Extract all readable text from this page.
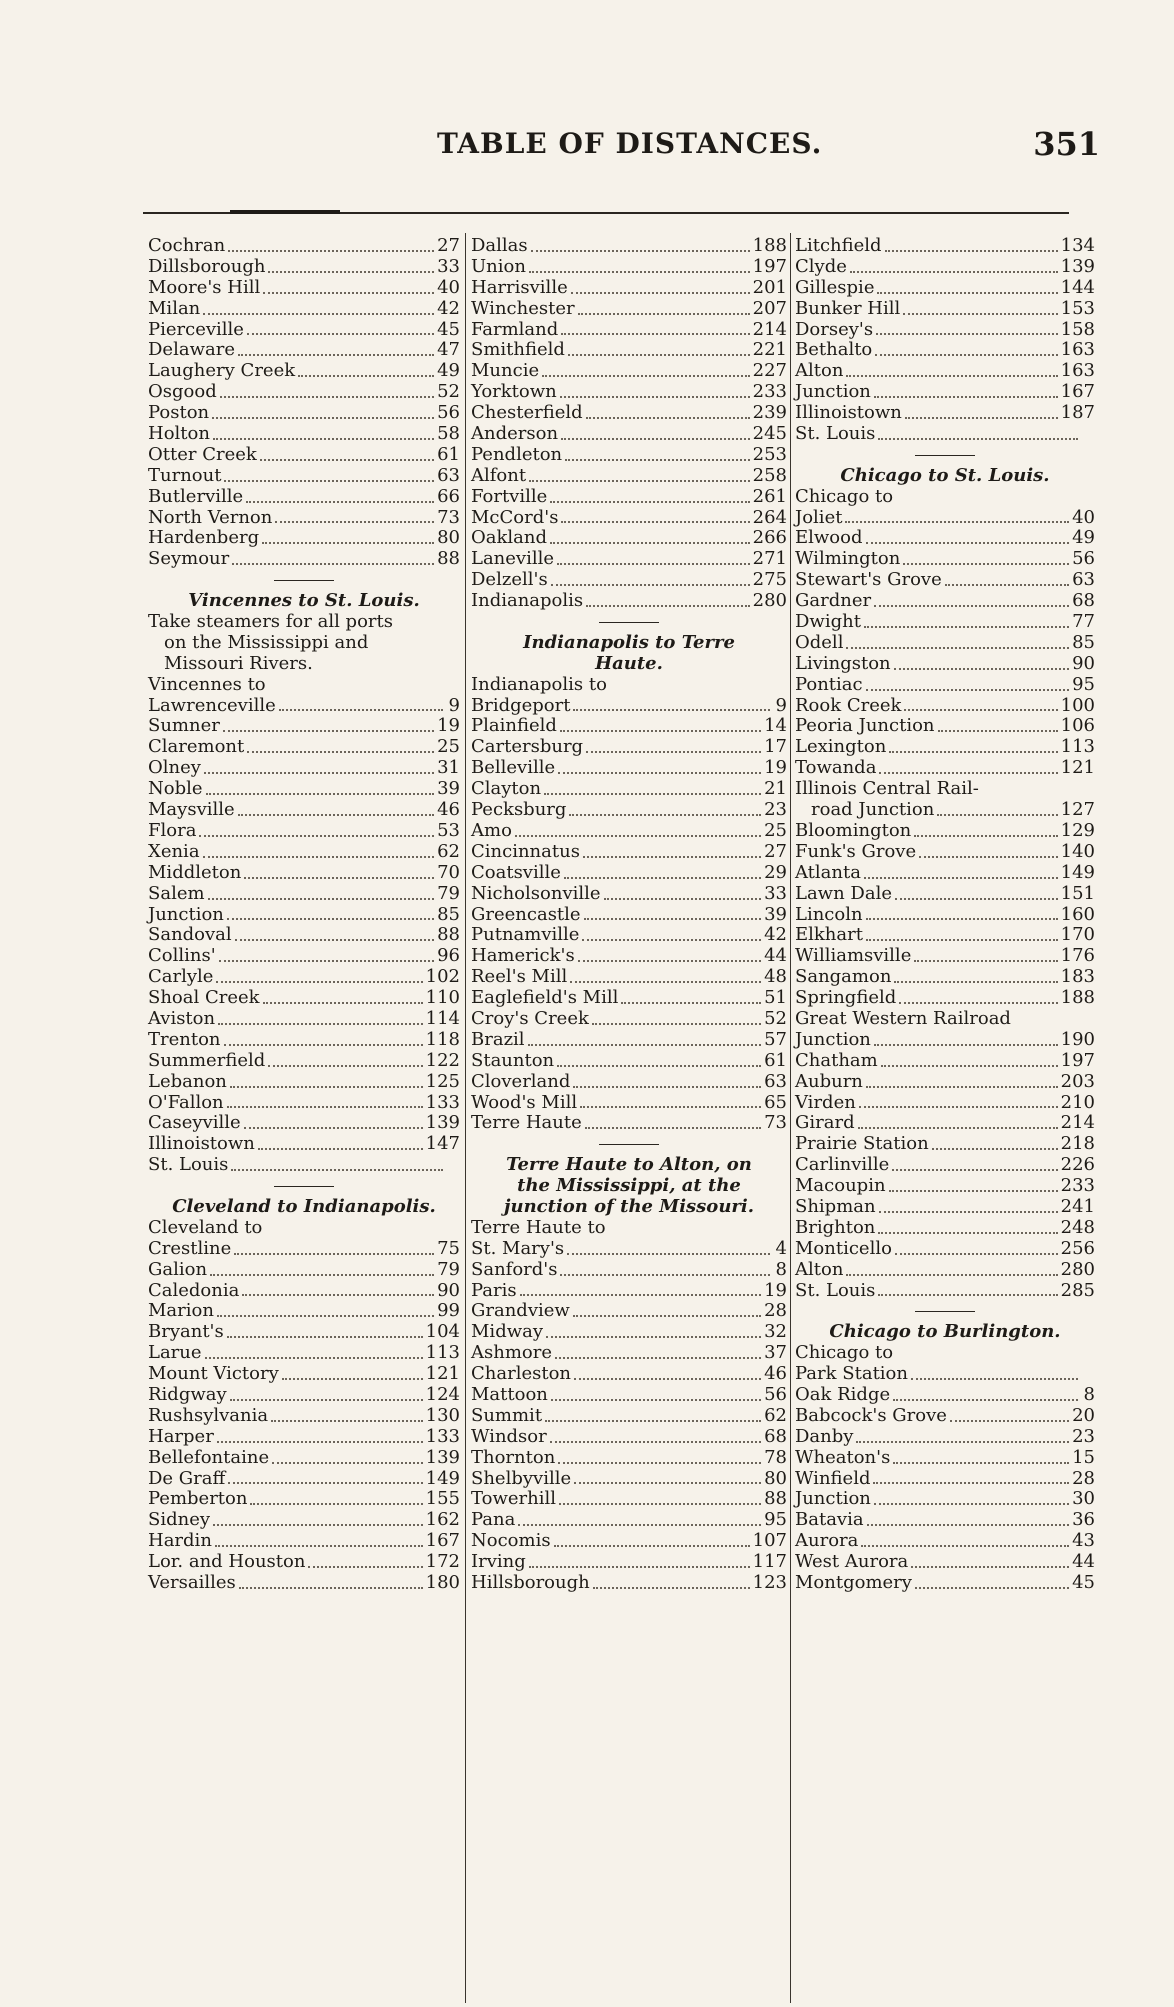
TABLE OF DISTANCES.	351
Cochran	27
Dillsborough	33
Moore's Hill	40
Milan	42
Pierceville	45
Delaware	47
Laughery Creek	49
Osgood	52
Poston	56
Holton	58
Otter Creek	61
Turnout	63
Butlerville	66
North Vernon	73
Hardenberg	80
Seymour	88
Vincennes to St. Louis.
Take steamers for all ports
on the Mississippi and
Missouri Rivers.
Vincennes to
Lawrenceville	9
Sumner	19
Claremont	25
Olney	31
Noble	39
Maysville	46
Flora	53
Xenia	62
Middleton	70
Salem	79
Junction	85
Sandoval	88
Collins'	96
Carlyle	102
Shoal Creek	110
Aviston	114
Trenton	118
Summerfield	122
Lebanon	125
O'Fallon	133
Caseyville	139
Illinoistown	147
St. Louis
Cleveland to Indianapolis.
Cleveland to
Crestline	75
Galion	79
Caledonia	90
Marion	99
Bryant's	104
Larue	113
Mount Victory	121
Ridgway	124
Rushsylvania	130
Harper	133
Bellefontaine	139
De Graff	149
Pemberton	155
Sidney	162
Hardin	167
Lor. and Houston	172
Versailles	180
Dallas	188
Union	197
Harrisville	201
Winchester	207
Farmland	214
Smithfield	221
Muncie	227
Yorktown	233
Chesterfield	239
Anderson	245
Pendleton	253
Alfont	258
Fortville	261
McCord's	264
Oakland	266
Laneville	271
Delzell's	275
Indianapolis	280
Indianapolis to Terre
Haute.
Indianapolis to
Bridgeport	9
Plainfield	14
Cartersburg	17
Belleville	19
Clayton	21
Pecksburg	23
Amo	25
Cincinnatus	27
Coatsville	29
Nicholsonville	33
Greencastle	39
Putnamville	42
Hamerick's	44
Reel's Mill	48
Eaglefield's Mill	51
Croy's Creek	52
Brazil	57
Staunton	61
Cloverland	63
Wood's Mill	65
Terre Haute	73
Terre Haute to Alton, on
the Mississippi, at the
junction of the Missouri.
Terre Haute to
St. Mary's	4
Sanford's	8
Paris	19
Grandview	28
Midway	32
Ashmore	37
Charleston	46
Mattoon	56
Summit	62
Windsor	68
Thornton	78
Shelbyville	80
Towerhill	88
Pana	95
Nocomis	107
Irving	117
Hillsborough	123
Litchfield	134
Clyde	139
Gillespie	144
Bunker Hill	153
Dorsey's	158
Bethalto	163
Alton	163
Junction	167
Illinoistown	187
St. Louis
Chicago to St. Louis.
Chicago to
Joliet	40
Elwood	49
Wilmington	56
Stewart's Grove	63
Gardner	68
Dwight	77
Odell	85
Livingston	90
Pontiac	95
Rook Creek	100
Peoria Junction	106
Lexington	113
Towanda	121
Illinois Central Rail-
road Junction	127
Bloomington	129
Funk's Grove	140
Atlanta	149
Lawn Dale	151
Lincoln	160
Elkhart	170
Williamsville	176
Sangamon	183
Springfield	188
Great Western Railroad
Junction	190
Chatham	197
Auburn	203
Virden	210
Girard	214
Prairie Station	218
Carlinville	226
Macoupin	233
Shipman	241
Brighton	248
Monticello	256
Alton	280
St. Louis	285
Chicago to Burlington.
Chicago to
Park Station
Oak Ridge	8
Babcock's Grove	20
Danby	23
Wheaton's	15
Winfield	28
Junction	30
Batavia	36
Aurora	43
West Aurora	44
Montgomery	45
